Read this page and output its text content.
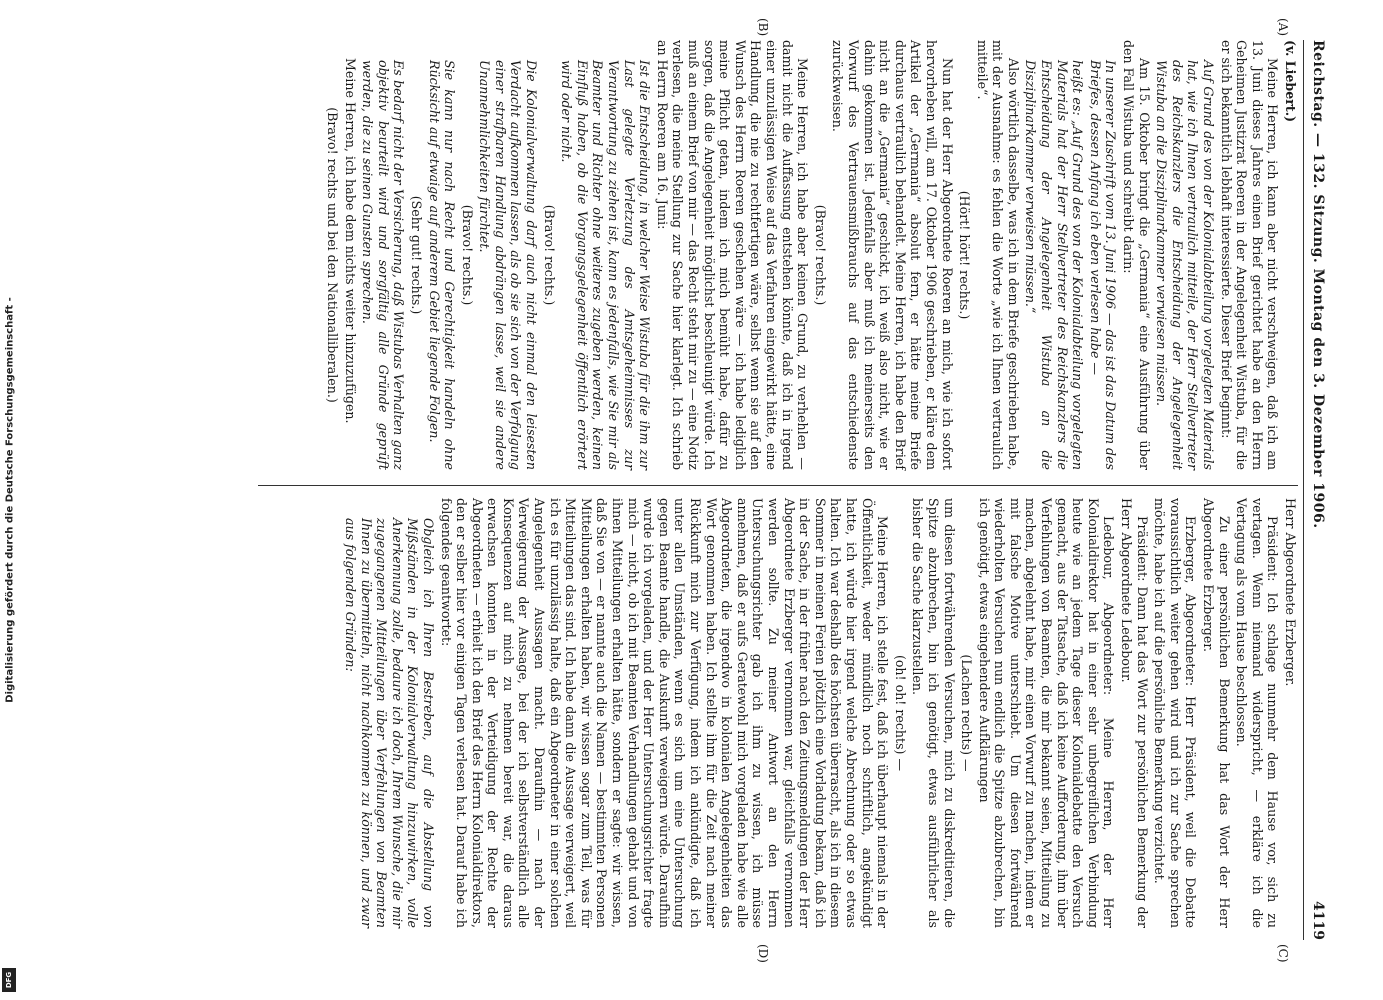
Digitalisierung gefördert durch die Deutsche Forschungsgemeinschaft -
DFG
Reichstag. — 132. Sitzung. Montag den 3. Dezember 1906.
4119
(A)
(B)
(C)
(D)

(v. Liebert.)

Meine Herren, ich kann aber nicht verschweigen, daß ich am 13. Juni dieses Jahres einen Brief gerichtet habe an den Herrn Geheimen Justizrat Roeren in der Angelegenheit Wistuba, für die er sich bekanntlich lebhaft interessierte. Dieser Brief beginnt:

Auf Grund des von der Kolonialabteilung vorgelegten Materials hat, wie ich Ihnen vertraulich mitteile, der Herr Stellvertreter des Reichskanzlers die Entscheidung der Angelegenheit Wistuba an die Disziplinarkammer verwiesen müssen.

Am 15. Oktober bringt die „Germania“ eine Ausführung über den Fall Wistuba und schreibt darin:

In unserer Zuschrift vom 13. Juni 1906 — das ist das Datum des Briefes, dessen Anfang ich eben verlesen habe —

heißt es: „Auf Grund des von der Kolonialabteilung vorgelegten Materials hat der Herr Stellvertreter des Reichskanzlers die Entscheidung der Angelegenheit Wistuba an die Disziplinarkammer verweisen müssen.“

Also wörtlich dasselbe, was ich in dem Briefe geschrieben habe, mit der Ausnahme: es fehlen die Worte „wie ich Ihnen vertraulich mitteile“.

(Hört! hört! rechts.)

Nun hat der Herr Abgeordnete Roeren an mich, wie ich sofort hervorheben will, am 17. Oktober 1906 geschrieben, er kläre dem Artikel der „Germania“ absolut fern, er hätte meine Briefe durchaus vertraulich behandelt. Meine Herren, ich habe den Brief nicht an die „Germania“ geschickt, ich weiß also nicht, wie er dahin gekommen ist. Jedenfalls aber muß ich meinerseits den Vorwurf des Vertrauensmißbrauchs auf das entschiedenste zurückweisen.

(Bravo! rechts.)

Meine Herren, ich habe aber keinen Grund, zu verhehlen — damit nicht die Auffassung entstehen könnte, daß ich in irgend einer unzulässigen Weise auf das Verfahren eingewirkt hätte, eine Handlung, die nie zu rechtfertigen wäre, selbst wenn sie auf den Wunsch des Herrn Roeren geschehen wäre — ich habe lediglich meine Pflicht getan, indem ich mich bemüht habe, dafür zu sorgen, daß die Angelegenheit möglichst beschleunigt würde. Ich muß an einem Brief von mir — das Recht steht mir zu — eine Notiz verlesen, die meine Stellung zur Sache hier klarlegt. Ich schrieb an Herrn Roeren am 16. Juni:

Ist die Entscheidung, in welcher Weise Wistuba für die ihm zur Last gelegte Verletzung des Amtsgeheimnisses zur Verantwortung zu ziehen ist, kann es jedenfalls, wie Sie mir als Beamter und Richter ohne weiteres zugeben werden, keinen Einfluß haben, ob die Vorgangsgelegenheit öffentlich erörtert wird oder nicht.

(Bravo! rechts.)

Die Kolonialverwaltung darf auch nicht einmal den leisesten Verdacht aufkommen lassen, als ob sie sich von der Verfolgung einer strafbaren Handlung abdrängen lasse, weil sie andere Unannehmlichkeiten fürchtet.

(Bravo! rechts.)

Sie kann nur nach Recht und Gerechtigkeit handeln ohne Rücksicht auf etwaige auf anderem Gebiet liegende Folgen.

(Sehr gut! rechts.)

Es bedarf nicht der Versicherung, daß Wistubas Verhalten ganz objektiv beurteilt wird und sorgfältig alle Gründe geprüft werden, die zu seinen Gunsten sprechen.

Meine Herren, ich habe dem nichts weiter hinzuzufügen.

(Bravo! rechts und bei den Nationalliberalen.)

Herr Abgeordnete Erzberger.

Präsident: Ich schlage nunmehr dem Hause vor, sich zu vertagen. Wenn niemand widerspricht, — erkläre ich die Vertagung als vom Hause beschlossen.

Zu einer persönlichen Bemerkung hat das Wort der Herr Abgeordnete Erzberger.

Erzberger, Abgeordneter: Herr Präsident, weil die Debatte voraussichtlich weiter gehen wird und ich zur Sache sprechen möchte, habe ich auf die persönliche Bemerkung verzichtet.

Präsident: Dann hat das Wort zur persönlichen Bemerkung der Herr Abgeordnete Ledebour.

Ledebour, Abgeordneter: Meine Herren, der Herr Kolonialdirektor hat in einer sehr unbegreiflichen Verbindung heute wie an jedem Tage dieser Kolonialdebatte den Versuch gemacht, aus der Tatsache, daß ich keine Aufforderung, ihm über Verfehlungen von Beamten, die mir bekannt seien, Mitteilung zu machen, abgelehnt habe, mir einen Vorwurf zu machen, indem er mit falsche Motive unterschiebt. Um diesen fortwährend wiederholten Versuchen nun endlich die Spitze abzubrechen, bin ich genötigt, etwas eingehendere Aufklärungen

(Lachen rechts) —

um diesen fortwährenden Versuchen, mich zu diskreditieren, die Spitze abzubrechen, bin ich genötigt, etwas ausführlicher als bisher die Sache klarzustellen.

(oh! oh! rechts) —

Meine Herren, ich stelle fest, daß ich überhaupt niemals in der Öffentlichkeit, weder mündlich noch schriftlich, angekündigt hatte, ich würde hier irgend welche Abrechnung oder so etwas halten. Ich war deshalb des höchsten überrascht, als ich in diesem Sommer in meinen Ferien plötzlich eine Vorladung bekam, daß ich in der Sache, in der früher nach den Zeitungsmeldungen der Herr Abgeordnete Erzberger vernommen war, gleichfalls vernommen werden sollte. Zu meiner Antwort an den Herrn Untersuchungsrichter gab ich ihm zu wissen, ich müsse annehmen, daß er aufs Geratewohl mich vorgeladen habe wie alle Abgeordneten, die irgendwo in kolonialen Angelegenheiten das Wort genommen haben. Ich stellte ihm für die Zeit nach meiner Rückkunft mich zur Verfügung, indem ich ankündigte, daß ich unter allen Umständen, wenn es sich um eine Untersuchung gegen Beamte handle, die Auskunft verweigern würde. Daraufhin wurde ich vorgeladen, und der Herr Untersuchungsrichter fragte mich — nicht, ob ich mit Beamten Verhandlungen gehabt und von ihnen Mitteilungen erhalten hätte, sondern er sagte: wir wissen, daß Sie von — er nannte auch die Namen — bestimmten Personen Mitteilungen erhalten haben, wir wissen sogar zum Teil, was für Mitteilungen das sind. Ich habe dann die Aussage verweigert, weil ich es für unzulässig halte, daß ein Abgeordneter in einer solchen Angelegenheit Aussagen macht. Daraufhin — nach der Verweigerung der Aussage, bei der ich selbstverständlich alle Konsequenzen auf mich zu nehmen bereit war, die daraus erwachsen konnten in der Verteidigung der Rechte der Abgeordneten — erhielt ich den Brief des Herrn Kolonialdirektors, den er selber hier vor einigen Tagen verlesen hat. Darauf habe ich folgendes geantwortet:

Obgleich ich Ihren Bestreben, auf die Abstellung von Mißständen in der Kolonialverwaltung hinzuwirken, volle Anerkennung zolle, bedaure ich doch, Ihrem Wunsche, die mir zugegangenen Mitteilungen über Verfehlungen von Beamten Ihnen zu übermitteln, nicht nachkommen zu können, und zwar aus folgenden Gründen:
